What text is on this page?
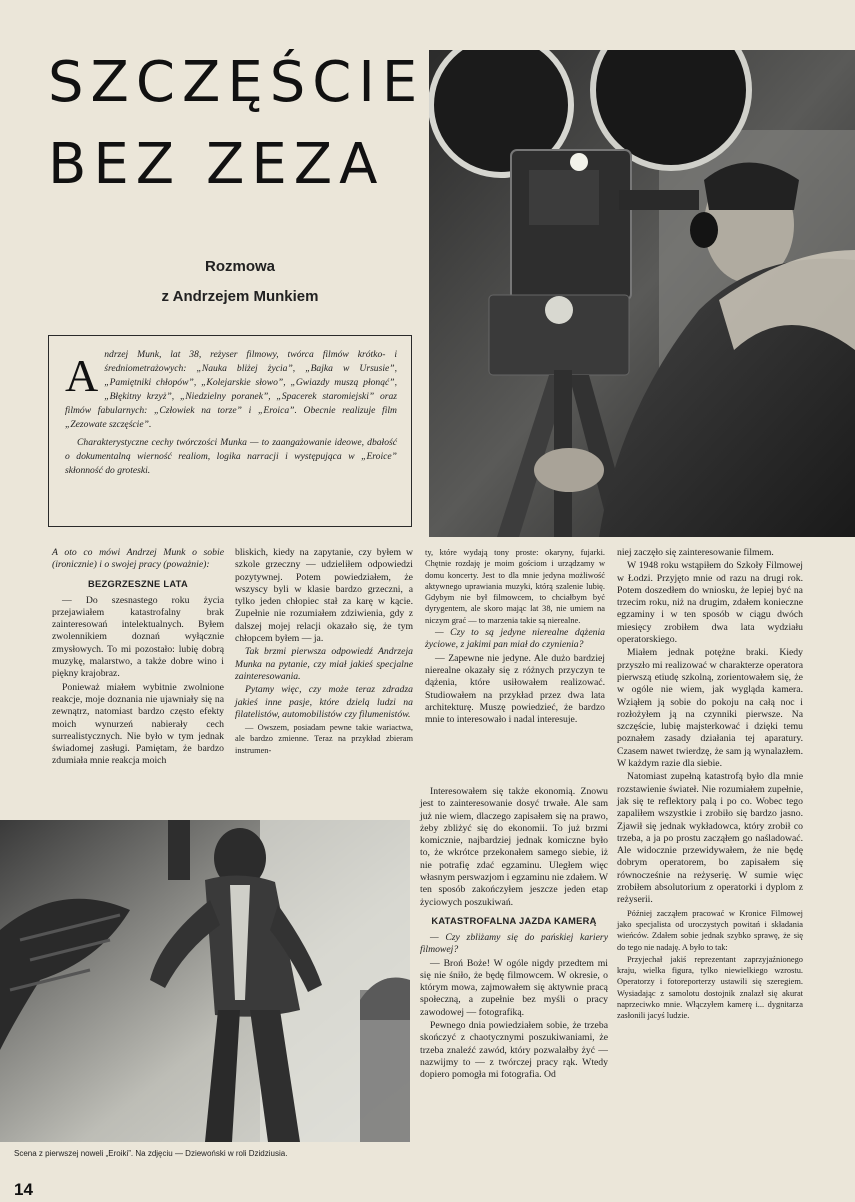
SZCZĘŚCIE
BEZ ZEZA
Rozmowa
z Andrzejem Munkiem
A ndrzej Munk, lat 38, reżyser filmowy, twórca filmów krótko- i średniometrażowych: „Nauka bliżej życia”, „Bajka w Ursusie”, „Pamiętniki chłopów”, „Kolejarskie słowo”, „Gwiazdy muszą płonąć”, „Błękitny krzyż”, „Niedzielny poranek”, „Spacerek staromiejski” oraz filmów fabularnych: „Człowiek na torze” i „Eroica”. Obecnie realizuje film „Zezowate szczęście”.

Charakterystyczne cechy twórczości Munka — to zaangażowanie ideowe, dbałość o dokumentalną wierność realiom, logika narracji i występująca w „Eroice” skłonność do groteski.

A oto co mówi Andrzej Munk o sobie (ironicznie) i o swojej pracy (poważnie):

BEZGRZESZNE LATA

— Do szesnastego roku życia przejawiałem katastrofalny brak zainteresowań intelektualnych. Byłem zwolennikiem doznań wyłącznie zmysłowych. To mi pozostało: lubię dobrą muzykę, malarstwo, a także dobre wino i piękny krajobraz.

Ponieważ miałem wybitnie zwolnione reakcje, moje doznania nie ujawniały się na zewnątrz, natomiast bardzo często efekty moich wynurzeń nabierały cech surrealistycznych. Nie było w tym jednak świadomej zasługi. Pamiętam, że bardzo zdumiała mnie reakcja moich

bliskich, kiedy na zapytanie, czy byłem w szkole grzeczny — udzieliłem odpowiedzi pozytywnej. Potem powiedziałem, że wszyscy byli w klasie bardzo grzeczni, a tylko jeden chłopiec stał za karę w kącie. Zupełnie nie rozumiałem zdziwienia, gdy z dalszej mojej relacji okazało się, że tym chłopcem byłem — ja.

Tak brzmi pierwsza odpowiedź Andrzeja Munka na pytanie, czy miał jakieś specjalne zainteresowania.

Pytamy więc, czy może teraz zdradza jakieś inne pasje, które dzielą ludzi na filatelistów, automobilistów czy filumenistów.

— Owszem, posiadam pewne takie wariactwa, ale bardzo zmienne. Teraz na przykład zbieram instrumen-

ty, które wydają tony proste: okaryny, fujarki. Chętnie rozdaję je moim gościom i urządzamy w domu koncerty. Jest to dla mnie jedyna możliwość aktywnego uprawiania muzyki, którą szalenie lubię. Gdybym nie był filmowcem, to chciałbym być dyrygentem, ale skoro mając lat 38, nie umiem na niczym grać — to marzenia takie są nierealne.

— Czy to są jedyne nierealne dążenia życiowe, z jakimi pan miał do czynienia?

— Zapewne nie jedyne. Ale dużo bardziej nierealne okazały się z różnych przyczyn te dążenia, które usiłowałem realizować. Studiowałem na przykład przez dwa lata architekturę. Muszę powiedzieć, że bardzo mnie to interesowało i nadal interesuje.

Interesowałem się także ekonomią. Znowu jest to zainteresowanie dosyć trwałe. Ale sam już nie wiem, dlaczego zapisałem się na prawo, żeby zbliżyć się do ekonomii. To już brzmi komicznie, najbardziej jednak komiczne było to, że wkrótce przekonałem samego siebie, iż nie potrafię zdać egzaminu. Uległem więc własnym perswazjom i egzaminu nie zdałem. W ten sposób zakończyłem jeszcze jeden etap życiowych poszukiwań.

KATASTROFALNA JAZDA KAMERĄ

— Czy zbliżamy się do pańskiej kariery filmowej?

— Broń Boże! W ogóle nigdy przedtem mi się nie śniło, że będę filmowcem. W okresie, o którym mowa, zajmowałem się aktywnie pracą społeczną, a zupełnie bez myśli o pracy zawodowej — fotografiką.

Pewnego dnia powiedziałem sobie, że trzeba skończyć z chaotycznymi poszukiwaniami, że trzeba znaleźć zawód, który pozwalałby żyć — nazwijmy to — z twórczej pracy rąk. Wtedy dopiero pomogła mi fotografia. Od

niej zaczęło się zainteresowanie filmem.

W 1948 roku wstąpiłem do Szkoły Filmowej w Łodzi. Przyjęto mnie od razu na drugi rok. Potem doszedłem do wniosku, że lepiej być na trzecim roku, niż na drugim, zdałem konieczne egzaminy i w ten sposób w ciągu dwóch miesięcy zrobiłem dwa lata wydziału operatorskiego.

Miałem jednak potężne braki. Kiedy przyszło mi realizować w charakterze operatora pierwszą etiudę szkolną, zorientowałem się, że w ogóle nie wiem, jak wygląda kamera. Wziąłem ją sobie do pokoju na całą noc i rozłożyłem ją na czynniki pierwsze. Na szczęście, lubię majsterkować i dzięki temu poznałem zasady działania tej aparatury. Czasem nawet twierdzę, że sam ją wynalazłem. W każdym razie dla siebie.

Natomiast zupełną katastrofą było dla mnie rozstawienie świateł. Nie rozumiałem zupełnie, jak się te reflektory palą i po co. Wobec tego zapaliłem wszystkie i zrobiło się bardzo jasno. Zjawił się jednak wykładowca, który zrobił co trzeba, a ja po prostu zacząłem go naśladować. Ale widocznie przewidywałem, że nie będę dobrym operatorem, bo zapisałem się równocześnie na reżyserię. W sumie więc zrobiłem absolutorium z operatorki i dyplom z reżyserii.

Później zacząłem pracować w Kronice Filmowej jako specjalista od uroczystych powitań i składania wieńców. Zdałem sobie jednak szybko sprawę, że się do tego nie nadaję. A było to tak:

Przyjechał jakiś reprezentant zaprzyjaźnionego kraju, wielka figura, tylko niewielkiego wzrostu. Operatorzy i fotoreporterzy ustawili się szeregiem. Wysiadając z samolotu dostojnik znalazł się akurat naprzeciwko mnie. Włączyłem kamerę i... dygnitarza zasłonili jacyś ludzie.

Scena z pierwszej noweli „Eroiki”. Na zdjęciu — Dziewoński w roli Dzidziusia.
14
